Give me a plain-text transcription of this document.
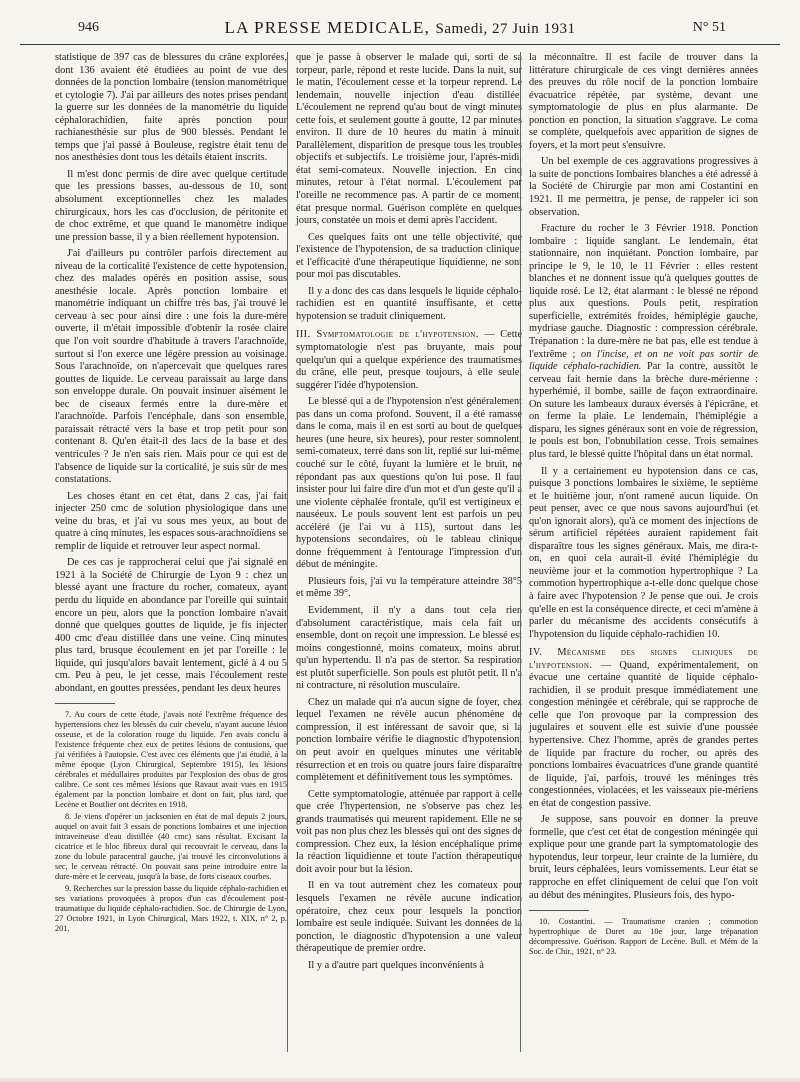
946	LA PRESSE MEDICALE, Samedi, 27 Juin 1931	N° 51

statistique de 397 cas de blessures du crâne explorées, dont 136 avaient été étudiées au point de vue des données de la ponction lombaire (tension manométrique et cytologie 7). J'ai par ailleurs des notes prises pendant la guerre sur les données de la manométrie du liquide céphalorachidien, faite après ponction pour rachianesthésie sur plus de 900 blessés. Pendant le temps que j'ai passé à Bouleuse, registre était tenu de nos anesthésies dont tous les détails étaient inscrits.

Il m'est donc permis de dire avec quelque certitude que les pressions basses, au-dessous de 10, sont absolument exceptionnelles chez les malades chirurgicaux, hors les cas d'occlusion, de péritonite et de choc extrême, et que quand le manomètre indique une pression basse, il y a bien réellement hypotension.

J'ai d'ailleurs pu contrôler parfois directement au niveau de la corticalité l'existence de cette hypotension, chez des malades opérés en position assise, sous anesthésie locale. Après ponction lombaire et manométrie indiquant un chiffre très bas, j'ai trouvé le cerveau à sec pour ainsi dire : une fois la dure-mère ouverte, il m'était impossible d'obtenir la rosée claire que l'on voit sourdre d'habitude à travers l'arachnoïde, surtout si l'on exerce une légère pression au voisinage. Sous l'arachnoïde, on n'apercevait que quelques rares gouttes de liquide. Le cerveau paraissait au large dans son enveloppe durale. On pouvait insinuer aisément le bec de ciseaux fermés entre la dure-mère et l'arachnoïde. Parfois l'encéphale, dans son ensemble, paraissait rétracté vers la base et trop petit pour son contenant 8. Qu'en était-il des lacs de la base et des ventricules ? Je n'en sais rien. Mais pour ce qui est de l'absence de liquide sur la corticalité, je suis sûr de mes constatations.

Les choses étant en cet état, dans 2 cas, j'ai fait injecter 250 cmc de solution physiologique dans une veine du bras, et j'ai vu sous mes yeux, au bout de quatre à cinq minutes, les espaces sous-arachnoïdiens se remplir de liquide et retrouver leur aspect normal.

De ces cas je rapprocherai celui que j'ai signalé en 1921 à la Société de Chirurgie de Lyon 9 : chez un blessé ayant une fracture du rocher, comateux, ayant perdu du liquide en abondance par l'oreille qui suintait encore un peu, alors que la ponction lombaire n'avait donné que quelques gouttes de liquide, je fis injecter 400 cmc d'eau distillée dans une veine. Cinq minutes plus tard, brusque écoulement en jet par l'oreille : le liquide, qui jusqu'alors bavait lentement, giclé à 4 ou 5 cm. Peu à peu, le jet cesse, mais l'écoulement reste abondant, en gouttes pressées, pendant les deux heures

7. Au cours de cette étude, j'avais noté l'extrême fréquence des hypertensions chez les blessés du cuir chevelu, n'ayant aucune lésion osseuse, et de la coloration rouge du liquide. J'en avais conclu à l'existence fréquente chez eux de petites lésions de contusions, que j'ai vérifiées à l'autopsie. C'est avec ces éléments que j'ai étudié, à la même époque (Lyon Chirurgical, Septembre 1915), les lésions cérébrales et médullaires produites par l'explosion des obus de gros calibre. Ce sont ces mêmes lésions que Ravaut avait vues en 1915 également par la ponction lombaire et dont on fait, plus tard, que Lecène et Boutlier ont décrites en 1918.

8. Je viens d'opérer un jacksonien en état de mal depuis 2 jours, auquel on avait fait 3 essais de ponctions lombaires et une injection intraveineuse d'eau distillée (40 cmc) sans résultat. Excisant la cicatrice et le bloc fibreux dural qui recouvrait le cerveau, dans la zone du lobule paracentral gauche, j'ai trouvé les circonvolutions à sec, le cerveau rétracté. On pouvait sans peine introduire entre la dure-mère et le cerveau, jusqu'à la base, de forts ciseaux courbes.

9. Recherches sur la pression basse du liquide céphalo-rachidien et ses variations provoquées à propos d'un cas d'écoulement post-traumatique du liquide céphalo-rachidien. Soc. de Chirurgie de Lyon, 27 Octobre 1921, in Lyon Chirurgical, Mars 1922, t. XIX, n° 2, p. 201.

que je passe à observer le malade qui, sorti de sa torpeur, parle, répond et reste lucide. Dans la nuit, sur le matin, l'écoulement cesse et la torpeur reprend. Le lendemain, nouvelle injection d'eau distillée. L'écoulement ne reprend qu'au bout de vingt minutes cette fois, et seulement goutte à goutte, 12 par minutes environ. Il dure de 10 heures du matin à minuit. Parallèlement, disparition de presque tous les troubles objectifs et subjectifs. Le troisième jour, l'après-midi, état semi-comateux. Nouvelle injection. En cinq minutes, retour à l'état normal. L'écoulement par l'oreille ne recommence pas. A partir de ce moment, état presque normal. Guérison complète en quelques jours, constatée un mois et demi après l'accident.

Ces quelques faits ont une telle objectivité, que l'existence de l'hypotension, de sa traduction clinique, et l'efficacité d'une thérapeutique liquidienne, ne sont pour moi pas discutables.

Il y a donc des cas dans lesquels le liquide céphalo-rachidien est en quantité insuffisante, et cette hypotension se traduit cliniquement.

III. Symptomatologie de l'hypotension. — Cette symptomatologie n'est pas bruyante, mais pour quelqu'un qui a quelque expérience des traumatismes du crâne, elle peut, presque toujours, à elle seule, suggérer l'idée d'hypotension.

Le blessé qui a de l'hypotension n'est généralement pas dans un coma profond. Souvent, il a été ramassé dans le coma, mais il en est sorti au bout de quelques heures (une heure, six heures), pour rester somnolent, semi-comateux, terré dans son lit, replié sur lui-même, couché sur le côté, fuyant la lumière et le bruit, ne répondant pas aux questions qu'on lui pose. Il faut insister pour lui faire dire d'un mot et d'un geste qu'il a une violente céphalée frontale, qu'il est vertigineux et nauséeux. Le pouls souvent lent est parfois un peu accéléré (je l'ai vu à 115), surtout dans les hypotensions secondaires, où le tableau clinique donne fréquemment à l'entourage l'impression d'un début de méningite.

Plusieurs fois, j'ai vu la température atteindre 38°5 et même 39°.

Evidemment, il n'y a dans tout cela rien d'absolument caractéristique, mais cela fait un ensemble, dont on reçoit une impression. Le blessé est moins congestionné, moins comateux, moins abruti qu'un hypertendu. Il n'a pas de stertor. Sa respiration est plutôt superficielle. Son pouls est plutôt petit. Il n'a ni contracture, ni résolution musculaire.

Chez un malade qui n'a aucun signe de foyer, chez lequel l'examen ne révèle aucun phénomène de compression, il est intéressant de savoir que, si la ponction lombaire vérifie le diagnostic d'hypotension, on peut avoir en quelques minutes une véritable résurrection et en trois ou quatre jours faire disparaître complètement et définitivement tous les symptômes.

Cette symptomatologie, atténuée par rapport à celle que crée l'hypertension, ne s'observe pas chez les grands traumatisés qui meurent rapidement. Elle ne se voit pas non plus chez les blessés qui ont des signes de compression. Chez eux, la lésion encéphalique prime la réaction liquidienne et toute l'action thérapeutique doit avoir pour but la lésion.

Il en va tout autrement chez les comateux pour lesquels l'examen ne révèle aucune indication opératoire, chez ceux pour lesquels la ponction lombaire est seule indiquée. Suivant les données de la ponction, le diagnostic d'hypotension a une valeur thérapeutique de premier ordre.

Il y a d'autre part quelques inconvénients à

la méconnaître. Il est facile de trouver dans la littérature chirurgicale de ces vingt dernières années des preuves du rôle nocif de la ponction lombaire évacuatrice répétée, par système, devant une symptomatologie de plus en plus alarmante. De ponction en ponction, la situation s'aggrave. Le coma se complète, quelquefois avec apparition de signes de foyers, et la mort peut s'ensuivre.

Un bel exemple de ces aggravations progressives à la suite de ponctions lombaires blanches a été adressé à la Société de Chirurgie par mon ami Costantini en 1921. Il me permettra, je pense, de rappeler ici son observation.

Fracture du rocher le 3 Février 1918. Ponction lombaire : liquide sanglant. Le lendemain, état stationnaire, non inquiétant. Ponction lombaire, par principe le 9, le 10, le 11 Février : elles restent blanches et ne donnent issue qu'à quelques gouttes de liquide rosé. Le 12, état alarmant : le blessé ne répond plus aux questions. Pouls petit, respiration superficielle, extrémités froides, hémiplégie gauche, mydriase gauche. Diagnostic : compression cérébrale. Trépanation : la dure-mère ne bat pas, elle est tendue à l'extrême ; on l'incise, et on ne voit pas sortir de liquide céphalo-rachidien. Par la contre, aussitôt le cerveau fait hernie dans la brèche dure-mérienne : hyperhémié, il bombe, saille de façon extraordinaire. On suture les lambeaux duraux éversés à l'épicrâne, et on ferme la plaie. Le lendemain, l'hémiplégie a disparu, les signes généraux sont en voie de régression, le pouls est bon, l'obnubilation cesse. Trois semaines plus tard, le blessé quitte l'hôpital dans un état normal.

Il y a certainement eu hypotension dans ce cas, puisque 3 ponctions lombaires le sixième, le septième et le huitième jour, n'ont ramené aucun liquide. On peut penser, avec ce que nous savons aujourd'hui (et qu'on ignorait alors), qu'à ce moment des injections de sérum artificiel répétées auraient rapidement fait disparaître tous les signes généraux. Mais, me dira-t-on, en quoi cela aurait-il évité l'hémiplégie du neuvième jour et la commotion hypertrophique ? La commotion hypertrophique a-t-elle donc quelque chose à faire avec l'hypotension ? Je pense que oui. Je crois qu'elle en est la conséquence directe, et ceci m'amène à parler du mécanisme des accidents consécutifs à l'hypotension du liquide céphalo-rachidien 10.

IV. Mécanisme des signes cliniques de l'hypotension. — Quand, expérimentalement, on évacue une certaine quantité de liquide céphalo-rachidien, il se produit presque immédiatement une congestion méningée et cérébrale, qui se rapproche de celle que l'on provoque par la compression des jugulaires et souvent elle est suivie d'une poussée hypertensive. Chez l'homme, après de grandes pertes de liquide par fracture du rocher, ou après des ponctions lombaires évacuatrices d'une grande quantité de liquide, j'ai, parfois, trouvé les méninges très congestionnées, violacées, et les vaisseaux pie-mériens en état de congestion passive.

Je suppose, sans pouvoir en donner la preuve formelle, que c'est cet état de congestion méningée qui explique pour une grande part la symptomatologie des hypotendus, leur torpeur, leur crainte de la lumière, du bruit, leurs céphalées, leurs vomissements. Leur état se rapproche en effet cliniquement de celui que l'on voit au début des méningites. Plusieurs fois, des hypo-

10. Costantini. — Traumatisme cranien ; commotion hypertrophique de Duret au 10e jour, large trépanation décompressive. Guérison. Rapport de Lecène. Bull. et Mém de la Soc. de Chir., 1921, n° 23.
